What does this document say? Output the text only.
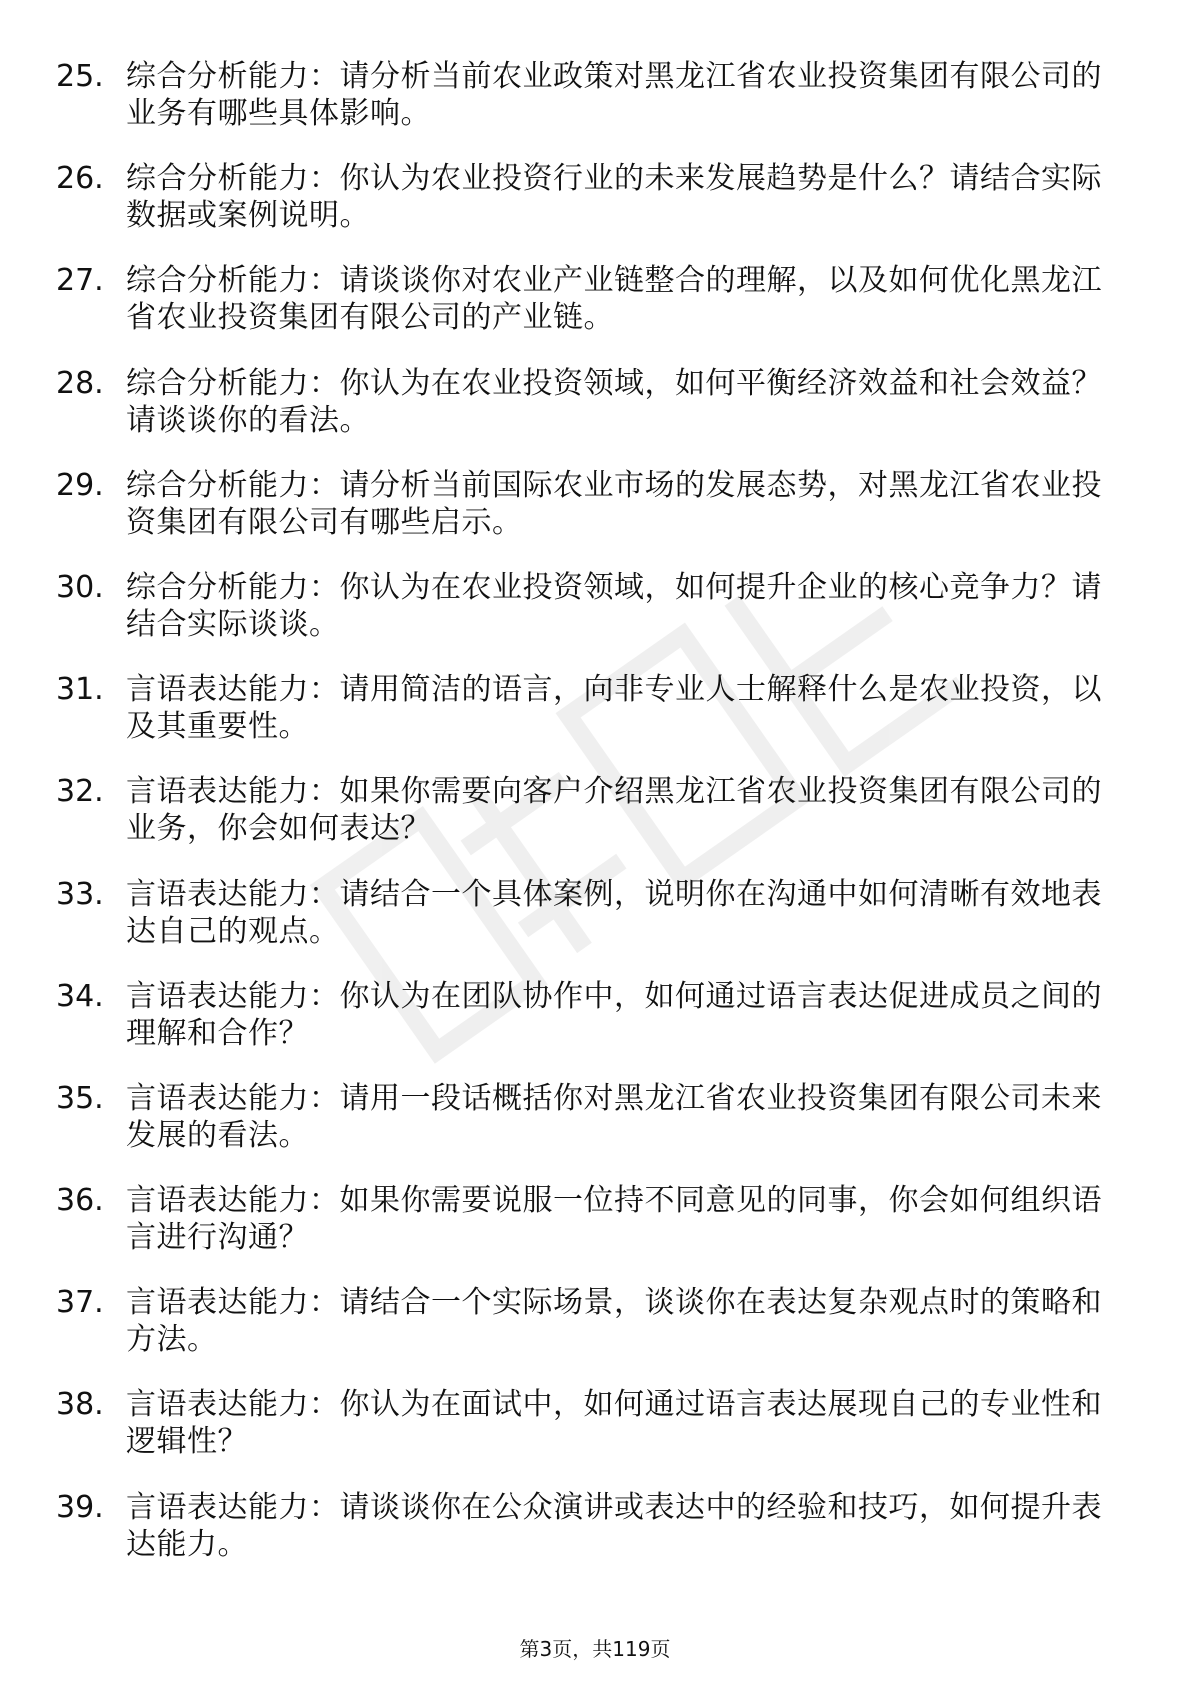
25. 综合分析能力：请分析当前农业政策对黑龙江省农业投资集团有限公司的业务有哪些具体影响。
26. 综合分析能力：你认为农业投资行业的未来发展趋势是什么？请结合实际数据或案例说明。
27. 综合分析能力：请谈谈你对农业产业链整合的理解，以及如何优化黑龙江省农业投资集团有限公司的产业链。
28. 综合分析能力：你认为在农业投资领域，如何平衡经济效益和社会效益？请谈谈你的看法。
29. 综合分析能力：请分析当前国际农业市场的发展态势，对黑龙江省农业投资集团有限公司有哪些启示。
30. 综合分析能力：你认为在农业投资领域，如何提升企业的核心竞争力？请结合实际谈谈。
31. 言语表达能力：请用简洁的语言，向非专业人士解释什么是农业投资，以及其重要性。
32. 言语表达能力：如果你需要向客户介绍黑龙江省农业投资集团有限公司的业务，你会如何表达？
33. 言语表达能力：请结合一个具体案例，说明你在沟通中如何清晰有效地表达自己的观点。
34. 言语表达能力：你认为在团队协作中，如何通过语言表达促进成员之间的理解和合作？
35. 言语表达能力：请用一段话概括你对黑龙江省农业投资集团有限公司未来发展的看法。
36. 言语表达能力：如果你需要说服一位持不同意见的同事，你会如何组织语言进行沟通？
37. 言语表达能力：请结合一个实际场景，谈谈你在表达复杂观点时的策略和方法。
38. 言语表达能力：你认为在面试中，如何通过语言表达展现自己的专业性和逻辑性？
39. 言语表达能力：请谈谈你在公众演讲或表达中的经验和技巧，如何提升表达能力。
第3页，共119页
